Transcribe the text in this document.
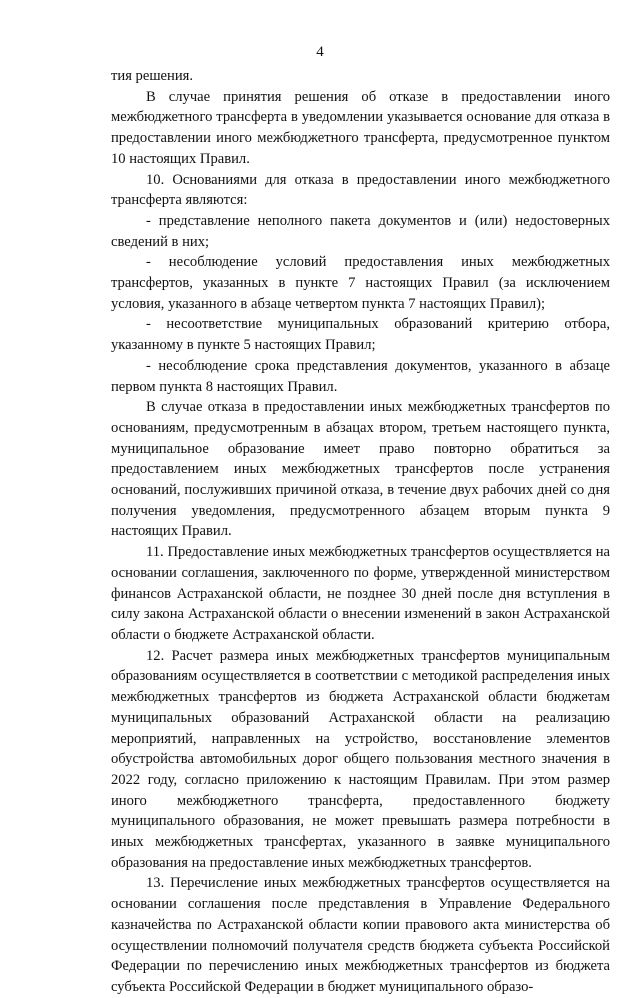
4

тия решения.

В случае принятия решения об отказе в предоставлении иного межбюджетного трансферта в уведомлении указывается основание для отказа в предоставлении иного межбюджетного трансферта, предусмотренное пунктом 10 настоящих Правил.

10. Основаниями для отказа в предоставлении иного межбюджетного трансферта являются:

- представление неполного пакета документов и (или) недостоверных сведений в них;

- несоблюдение условий предоставления иных межбюджетных трансфертов, указанных в пункте 7 настоящих Правил (за исключением условия, указанного в абзаце четвертом пункта 7 настоящих Правил);

- несоответствие муниципальных образований критерию отбора, указанному в пункте 5 настоящих Правил;

- несоблюдение срока представления документов, указанного в абзаце первом пункта 8 настоящих Правил.

В случае отказа в предоставлении иных межбюджетных трансфертов по основаниям, предусмотренным в абзацах втором, третьем настоящего пункта, муниципальное образование имеет право повторно обратиться за предоставлением иных межбюджетных трансфертов после устранения оснований, послуживших причиной отказа, в течение двух рабочих дней со дня получения уведомления, предусмотренного абзацем вторым пункта 9 настоящих Правил.

11. Предоставление иных межбюджетных трансфертов осуществляется на основании соглашения, заключенного по форме, утвержденной министерством финансов Астраханской области, не позднее 30 дней после дня вступления в силу закона Астраханской области о внесении изменений в закон Астраханской области о бюджете Астраханской области.

12. Расчет размера иных межбюджетных трансфертов муниципальным образованиям осуществляется в соответствии с методикой распределения иных межбюджетных трансфертов из бюджета Астраханской области бюджетам муниципальных образований Астраханской области на реализацию мероприятий, направленных на устройство, восстановление элементов обустройства автомобильных дорог общего пользования местного значения в 2022 году, согласно приложению к настоящим Правилам. При этом размер иного межбюджетного трансферта, предоставленного бюджету муниципального образования, не может превышать размера потребности в иных межбюджетных трансфертах, указанного в заявке муниципального образования на предоставление иных межбюджетных трансфертов.

13. Перечисление иных межбюджетных трансфертов осуществляется на основании соглашения после представления в Управление Федерального казначейства по Астраханской области копии правового акта министерства об осуществлении полномочий получателя средств бюджета субъекта Российской Федерации по перечислению иных межбюджетных трансфертов из бюджета субъекта Российской Федерации в бюджет муниципального образо-
